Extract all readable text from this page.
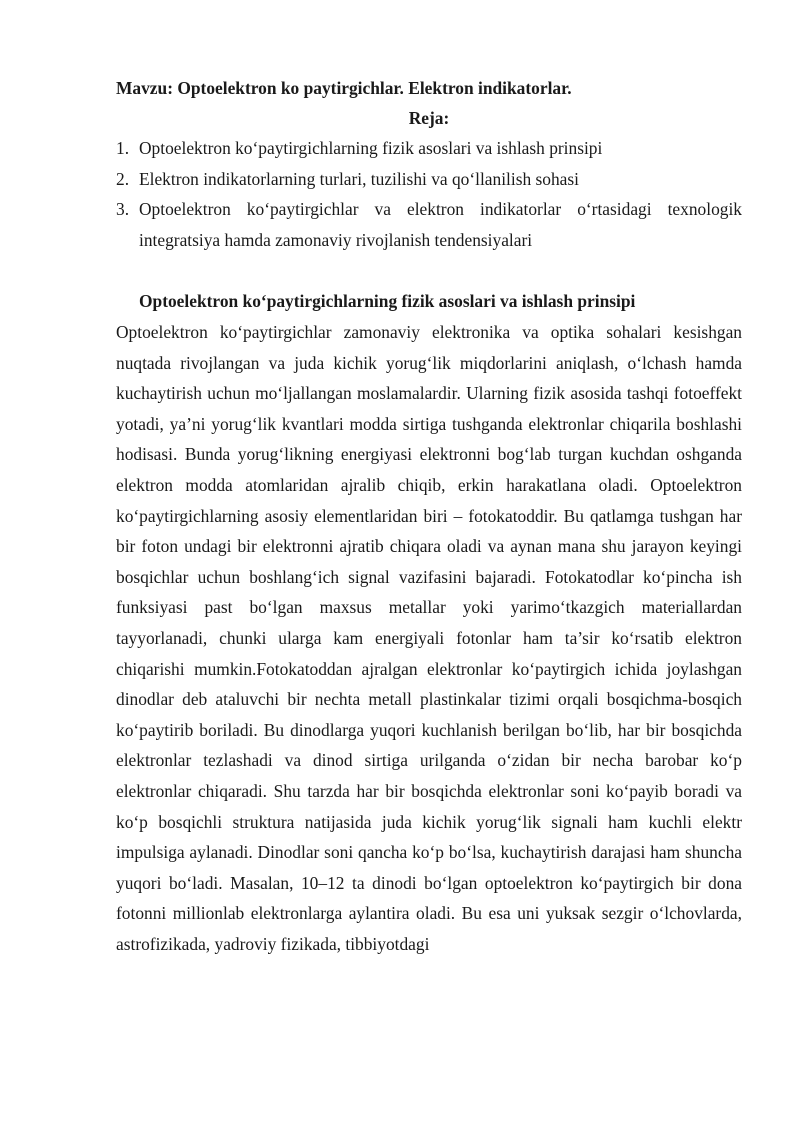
Mavzu: Optoelektron ko paytirgichlar. Elektron indikatorlar.

Reja:

1. Optoelektron ko‘paytirgichlarning fizik asoslari va ishlash prinsipi
2. Elektron indikatorlarning turlari, tuzilishi va qo‘llanilish sohasi
3. Optoelektron ko‘paytirgichlar va elektron indikatorlar o‘rtasidagi texnologik integratsiya hamda zamonaviy rivojlanish tendensiyalari

Optoelektron ko‘paytirgichlarning fizik asoslari va ishlash prinsipi

Optoelektron ko‘paytirgichlar zamonaviy elektronika va optika sohalari kesishgan nuqtada rivojlangan va juda kichik yorug‘lik miqdorlarini aniqlash, o‘lchash hamda kuchaytirish uchun mo‘ljallangan moslamalardir. Ularning fizik asosida tashqi fotoeffekt yotadi, ya’ni yorug‘lik kvantlari modda sirtiga tushganda elektronlar chiqarila boshlashi hodisasi. Bunda yorug‘likning energiyasi elektronni bog‘lab turgan kuchdan oshganda elektron modda atomlaridan ajralib chiqib, erkin harakatlana oladi. Optoelektron ko‘paytirgichlarning asosiy elementlaridan biri – fotokatoddir. Bu qatlamga tushgan har bir foton undagi bir elektronni ajratib chiqara oladi va aynan mana shu jarayon keyingi bosqichlar uchun boshlang‘ich signal vazifasini bajaradi. Fotokatodlar ko‘pincha ish funksiyasi past bo‘lgan maxsus metallar yoki yarimo‘tkazgich materiallardan tayyorlanadi, chunki ularga kam energiyali fotonlar ham ta’sir ko‘rsatib elektron chiqarishi mumkin.Fotokatoddan ajralgan elektronlar ko‘paytirgich ichida joylashgan dinodlar deb ataluvchi bir nechta metall plastinkalar tizimi orqali bosqichma-bosqich ko‘paytirib boriladi. Bu dinodlarga yuqori kuchlanish berilgan bo‘lib, har bir bosqichda elektronlar tezlashadi va dinod sirtiga urilganda o‘zidan bir necha barobar ko‘p elektronlar chiqaradi. Shu tarzda har bir bosqichda elektronlar soni ko‘payib boradi va ko‘p bosqichli struktura natijasida juda kichik yorug‘lik signali ham kuchli elektr impulsiga aylanadi. Dinodlar soni qancha ko‘p bo‘lsa, kuchaytirish darajasi ham shuncha yuqori bo‘ladi. Masalan, 10–12 ta dinodi bo‘lgan optoelektron ko‘paytirgich bir dona fotonni millionlab elektronlarga aylantira oladi. Bu esa uni yuksak sezgir o‘lchovlarda, astrofizikada, yadroviy fizikada, tibbiyotdagi
